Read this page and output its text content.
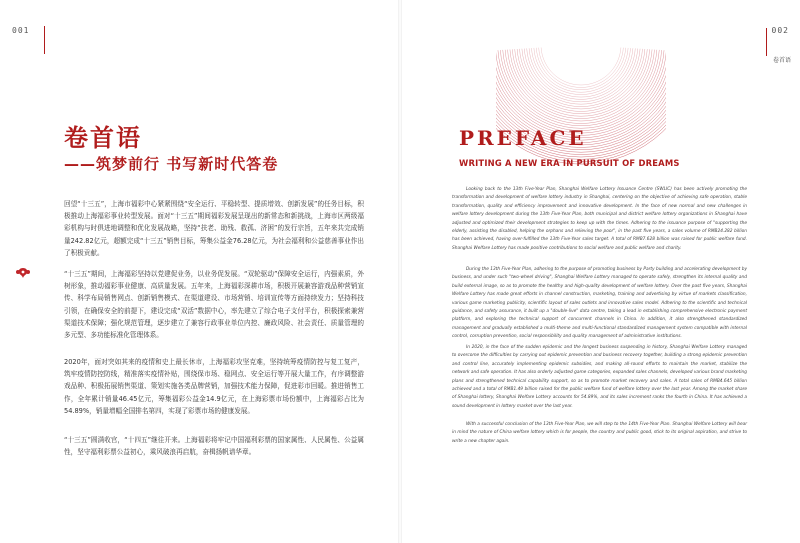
001
卷首语
——筑梦前行 书写新时代答卷

回望“十三五”，上海市福彩中心紧紧围绕“安全运行、平稳转型、提质增效、创新发展”的任务目标，积极推动上海福彩事业转型发展。面对“十三五”期间福彩发展呈现出的新常态和新挑战，上海市区两级福彩机构与时俱进地调整和优化发展战略，坚持“扶老、助残、救孤、济困”的发行宗旨，五年来共完成销量242.82亿元，超额完成“十三五”销售目标，筹集公益金76.28亿元，为社会福利和公益慈善事业作出了积极贡献。

“十三五”期间，上海福彩坚持以党建促业务，以业务促发展。“双轮驱动”保障安全运行，内强素质，外树形象，推动福彩事业健康、高质量发展。五年来，上海福彩深耕市场，积极开展兼容游戏品种营销宣传、科学布局销售网点、创新销售模式、在渠道建设、市场营销、培训宣传等方面持续发力；坚持科技引领，在确保安全的前提下，建设完成“双活”数据中心，率先建立了综合电子支付平台，积极探索兼营渠道技术保障；强化规范管理，逐步建立了兼容行政事业单位内控、廉政风险、社会责任、质量管理的多元型、多功能标准化管理体系。

2020年，面对突如其来的疫情和史上最长休市，上海福彩攻坚克难，坚持统筹疫情防控与复工复产，筑牢疫情防控防线，精准落实疫情补贴，围绕保市场、稳网点、安全运行等开展大量工作，有序调整游戏品种、积极拓展销售渠道、策划实施各类品牌营销，加强技术能力保障，促进彩市回暖。推进销售工作，全年累计销量46.45亿元，筹集福彩公益金14.9亿元，在上海彩票市场份额中，上海福彩占比为54.89%，销量增幅全国排名第四，实现了彩票市场的健康发展。

“十三五”圆满收官，“十四五”继往开来。上海福彩将牢记中国福利彩票的国家属性、人民属性、公益属性，坚守福利彩票公益初心，乘风破浪再启航，奋楫扬帆谱华章。

002
卷首语
PREFACE
WRITING A NEW ERA IN PURSUIT OF DREAMS

Looking back to the 13th Five-Year Plan, Shanghai Welfare Lottery Issuance Centre (SWLIC) has been actively promoting the transformation and development of welfare lottery industry in Shanghai, centering on the objective of achieving safe operation, stable transformation, quality and efficiency improvement and innovative development. In the face of new normal and new challenges in welfare lottery development during the 13th Five-Year Plan, both municipal and district welfare lottery organizations in Shanghai have adjusted and optimized their development strategies to keep up with the times. Adhering to the issuance purpose of "supporting the elderly, assisting the disabled, helping the orphans and relieving the poor", in the past five years, a sales volume of RMB24.282 billion has been achieved, having over-fulfilled the 13th Five-Year sales target. A total of RMB7.628 billion was raised for public welfare fund. Shanghai Welfare Lottery has made positive contributions to social welfare and public welfare and charity.

During the 13th Five-Year Plan, adhering to the purpose of promoting business by Party building and accelerating development by business, and under such "two-wheel driving", Shanghai Welfare Lottery managed to operate safely, strengthen its internal quality and build external image, so as to promote the healthy and high-quality development of welfare lottery. Over the past five years, Shanghai Welfare Lottery has made great efforts in channel construction, marketing, training and advertising by virtue of markets classification, various game marketing publicity, scientific layout of sales outlets and innovative sales model. Adhering to the scientific and technical guidance, and safety assurance, it built up a "double-live" data centre, taking a lead in establishing comprehensive electronic payment platform, and exploring the technical support of concurrent channels in China. In addition, it also strengthened standardized management and gradually established a multi-theme and multi-functional standardized management system compatible with internal control, corruption prevention, social responsibility and quality management of administrative institutions.

In 2020, in the face of the sudden epidemic and the longest business suspending in history, Shanghai Welfare Lottery managed to overcome the difficulties by carrying out epidemic prevention and business recovery together, building a strong epidemic prevention and control line, accurately implementing epidemic subsidies, and making all-round efforts to maintain the market, stabilize the network and safe operation. It has also orderly adjusted game categories, expanded sales channels, developed various brand marketing plans and strengthened technical capability support, so as to promote market recovery and sales. A total sales of RMB4.645 billion achieved and a total of RMB1.49 billion raised for the public welfare fund of welfare lottery over the last year. Among the market share of Shanghai lottery, Shanghai Welfare Lottery accounts for 54.89%, and its sales increment ranks the fourth in China. It has achieved a sound development in lottery market over the last year.

With a successful conclusion of the 13th Five-Year Plan, we will step to the 14th Five-Year Plan. Shanghai Welfare Lottery will bear in mind the nature of China welfare lottery which is for people, the country and public good, stick to its original aspiration, and strive to write a new chapter again.
